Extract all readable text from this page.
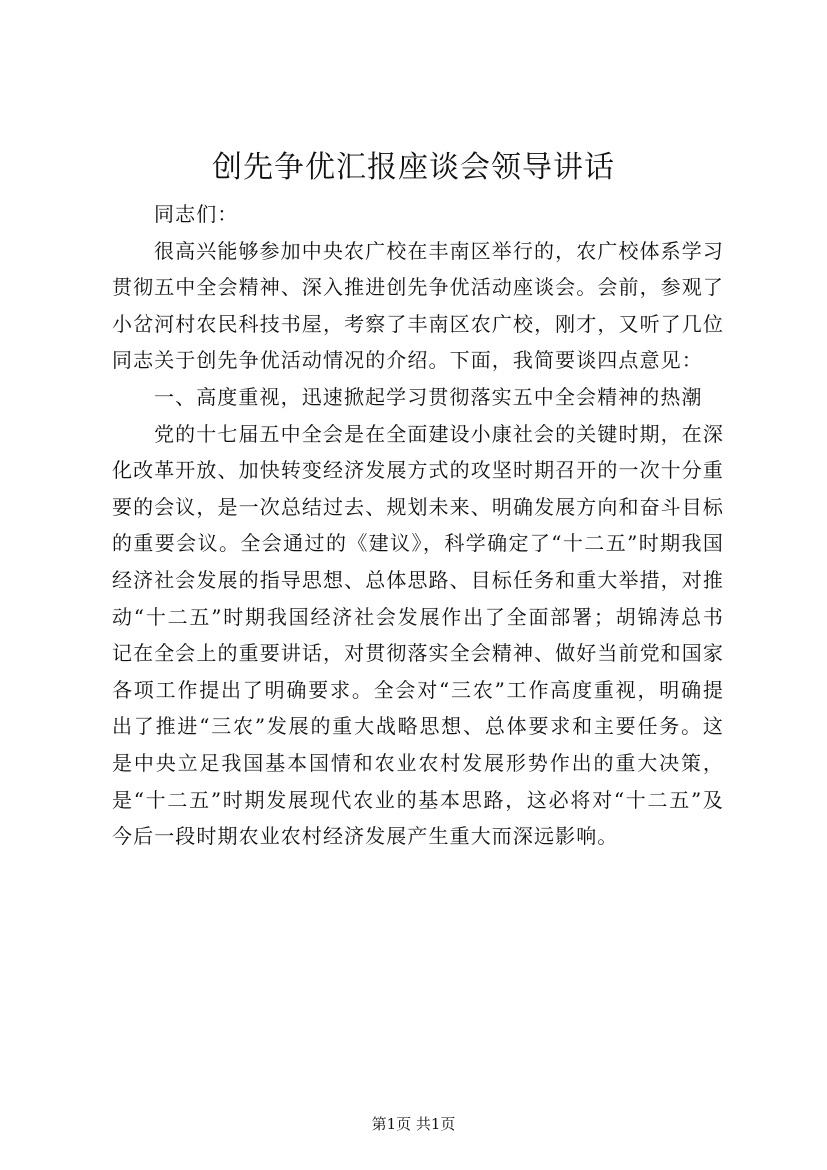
创先争优汇报座谈会领导讲话

同志们：

很高兴能够参加中央农广校在丰南区举行的，农广校体系学习贯彻五中全会精神、深入推进创先争优活动座谈会。会前，参观了小岔河村农民科技书屋，考察了丰南区农广校，刚才，又听了几位同志关于创先争优活动情况的介绍。下面，我简要谈四点意见：

一、高度重视，迅速掀起学习贯彻落实五中全会精神的热潮

党的十七届五中全会是在全面建设小康社会的关键时期，在深化改革开放、加快转变经济发展方式的攻坚时期召开的一次十分重要的会议，是一次总结过去、规划未来、明确发展方向和奋斗目标的重要会议。全会通过的《建议》，科学确定了“十二五”时期我国经济社会发展的指导思想、总体思路、目标任务和重大举措，对推动“十二五”时期我国经济社会发展作出了全面部署；胡锦涛总书记在全会上的重要讲话，对贯彻落实全会精神、做好当前党和国家各项工作提出了明确要求。全会对“三农”工作高度重视，明确提出了推进“三农”发展的重大战略思想、总体要求和主要任务。这是中央立足我国基本国情和农业农村发展形势作出的重大决策，是“十二五”时期发展现代农业的基本思路，这必将对“十二五”及今后一段时期农业农村经济发展产生重大而深远影响。

第1页 共1页
